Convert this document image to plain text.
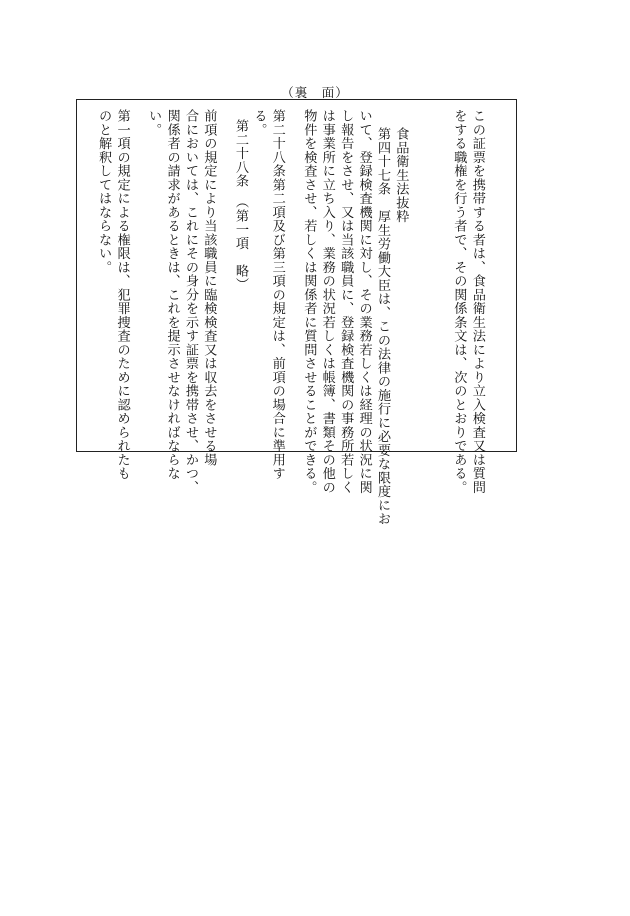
（裏　面）
この証票を携帯する者は、食品衛生法により立入検査又は質問
をする職権を行う者で、その関係条文は、次のとおりである。
食品衛生法抜粋
第四十七条　厚生労働大臣は、この法律の施行に必要な限度にお
いて、登録検査機関に対し、その業務若しくは経理の状況に関
し報告をさせ、又は当該職員に、登録検査機関の事務所若しく
は事業所に立ち入り、業務の状況若しくは帳簿、書類その他の
物件を検査させ、若しくは関係者に質問させることができる。
第二十八条第二項及び第三項の規定は、前項の場合に準用す
る。
第二十八条　（第一項　略）
前項の規定により当該職員に臨検検査又は収去をさせる場
合においては、これにその身分を示す証票を携帯させ、かつ、
関係者の請求があるときは、これを提示させなければならな
い。
第一項の規定による権限は、犯罪捜査のために認められたも
のと解釈してはならない。
